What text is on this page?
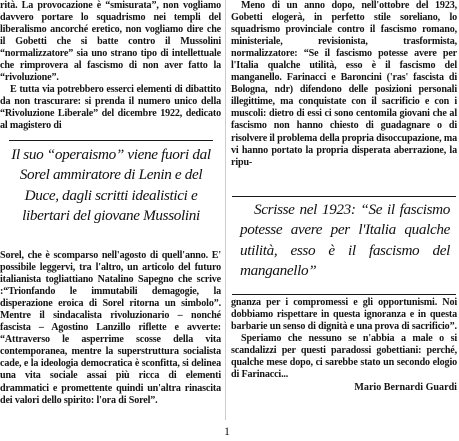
rità. La provocazione è “smisurata”, non vogliamo davvero portare lo squadrismo nei templi del liberalismo ancorché eretico, non vogliamo dire che il Gobetti che si batte contro il Mussolini “normalizzatore” sia uno strano tipo di intellettuale che rimprovera al fascismo di non aver fatto la “rivoluzione”.

E tutta via potrebbero esserci elementi di dibattito da non trascurare: si prenda il numero unico della “Rivoluzione Liberale” del dicembre 1922, dedicato al magistero di

Il suo “operaismo” viene fuori dal Sorel ammiratore di Lenin e del Duce, dagli scritti idealistici e libertari del giovane Mussolini

Sorel, che è scomparso nell'agosto di quell'anno. E' possibile leggervi, tra l'altro, un articolo del futuro italianista togliattiano Natalino Sapegno che scrive :“Trionfando le immutabili demagogie, la disperazione eroica di Sorel ritorna un simbolo”. Mentre il sindacalista rivoluzionario – nonché fascista – Agostino Lanzillo riflette e avverte: “Attraverso le asperrime scosse della vita contemporanea, mentre la superstruttura socialista cade, e la ideologia democratica è sconfitta, si delinea una vita sociale assai più ricca di elementi drammatici e promettente quindi un'altra rinascita dei valori dello spirito: l'ora di Sorel”.

Meno di un anno dopo, nell'ottobre del 1923, Gobetti elogerà, in perfetto stile soreliano, lo squadrismo provinciale contro il fascismo romano, ministeriale, revisionista, trasformista, normalizzatore: “Se il fascismo potesse avere per l'Italia qualche utilità, esso è il fascismo del manganello. Farinacci e Baroncini ('ras' fascista di Bologna, ndr) difendono delle posizioni personali illegittime, ma conquistate con il sacrificio e con i muscoli: dietro di essi ci sono centomila giovani che al fascismo non hanno chiesto di guadagnare o di risolvere il problema della propria disoccupazione, ma vi hanno portato la propria disperata aberrazione, la ripu-

Scrisse nel 1923: “Se il fascismo potesse avere per l'Italia qualche utilità, esso è il fascismo del manganello”

gnanza per i compromessi e gli opportunismi. Noi dobbiamo rispettare in questa ignoranza e in questa barbarie un senso di dignità e una prova di sacrificio”.

Speriamo che nessuno se n'abbia a male o si scandalizzi per questi paradossi gobettiani: perché, qualche mese dopo, ci sarebbe stato un secondo elogio di Farinacci...

Mario Bernardi Guardi
1
